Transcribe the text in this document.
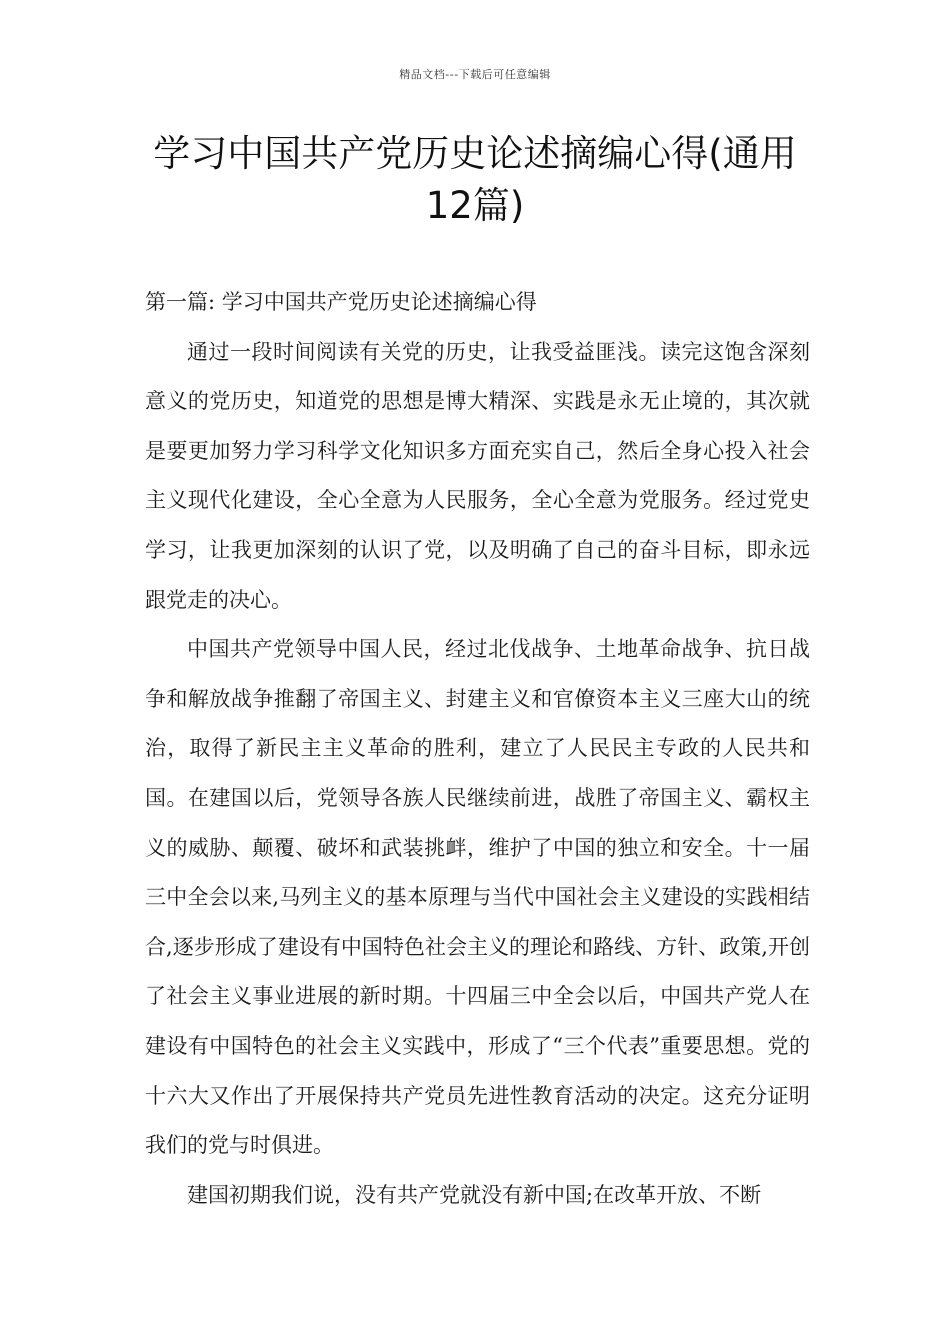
精品文档---下载后可任意编辑
学习中国共产党历史论述摘编心得(通用12篇)
第一篇: 学习中国共产党历史论述摘编心得

通过一段时间阅读有关党的历史，让我受益匪浅。读完这饱含深刻意义的党历史，知道党的思想是博大精深、实践是永无止境的，其次就是要更加努力学习科学文化知识多方面充实自己，然后全身心投入社会主义现代化建设，全心全意为人民服务，全心全意为党服务。经过党史学习，让我更加深刻的认识了党，以及明确了自己的奋斗目标，即永远跟党走的决心。

中国共产党领导中国人民，经过北伐战争、土地革命战争、抗日战争和解放战争推翻了帝国主义、封建主义和官僚资本主义三座大山的统治，取得了新民主主义革命的胜利，建立了人民民主专政的人民共和国。在建国以后，党领导各族人民继续前进，战胜了帝国主义、霸权主义的威胁、颠覆、破坏和武装挑衅，维护了中国的独立和安全。十一届三中全会以来,马列主义的基本原理与当代中国社会主义建设的实践相结合,逐步形成了建设有中国特色社会主义的理论和路线、方针、政策,开创了社会主义事业进展的新时期。十四届三中全会以后，中国共产党人在建设有中国特色的社会主义实践中，形成了“三个代表”重要思想。党的十六大又作出了开展保持共产党员先进性教育活动的决定。这充分证明我们的党与时俱进。

建国初期我们说，没有共产党就没有新中国;在改革开放、不断
